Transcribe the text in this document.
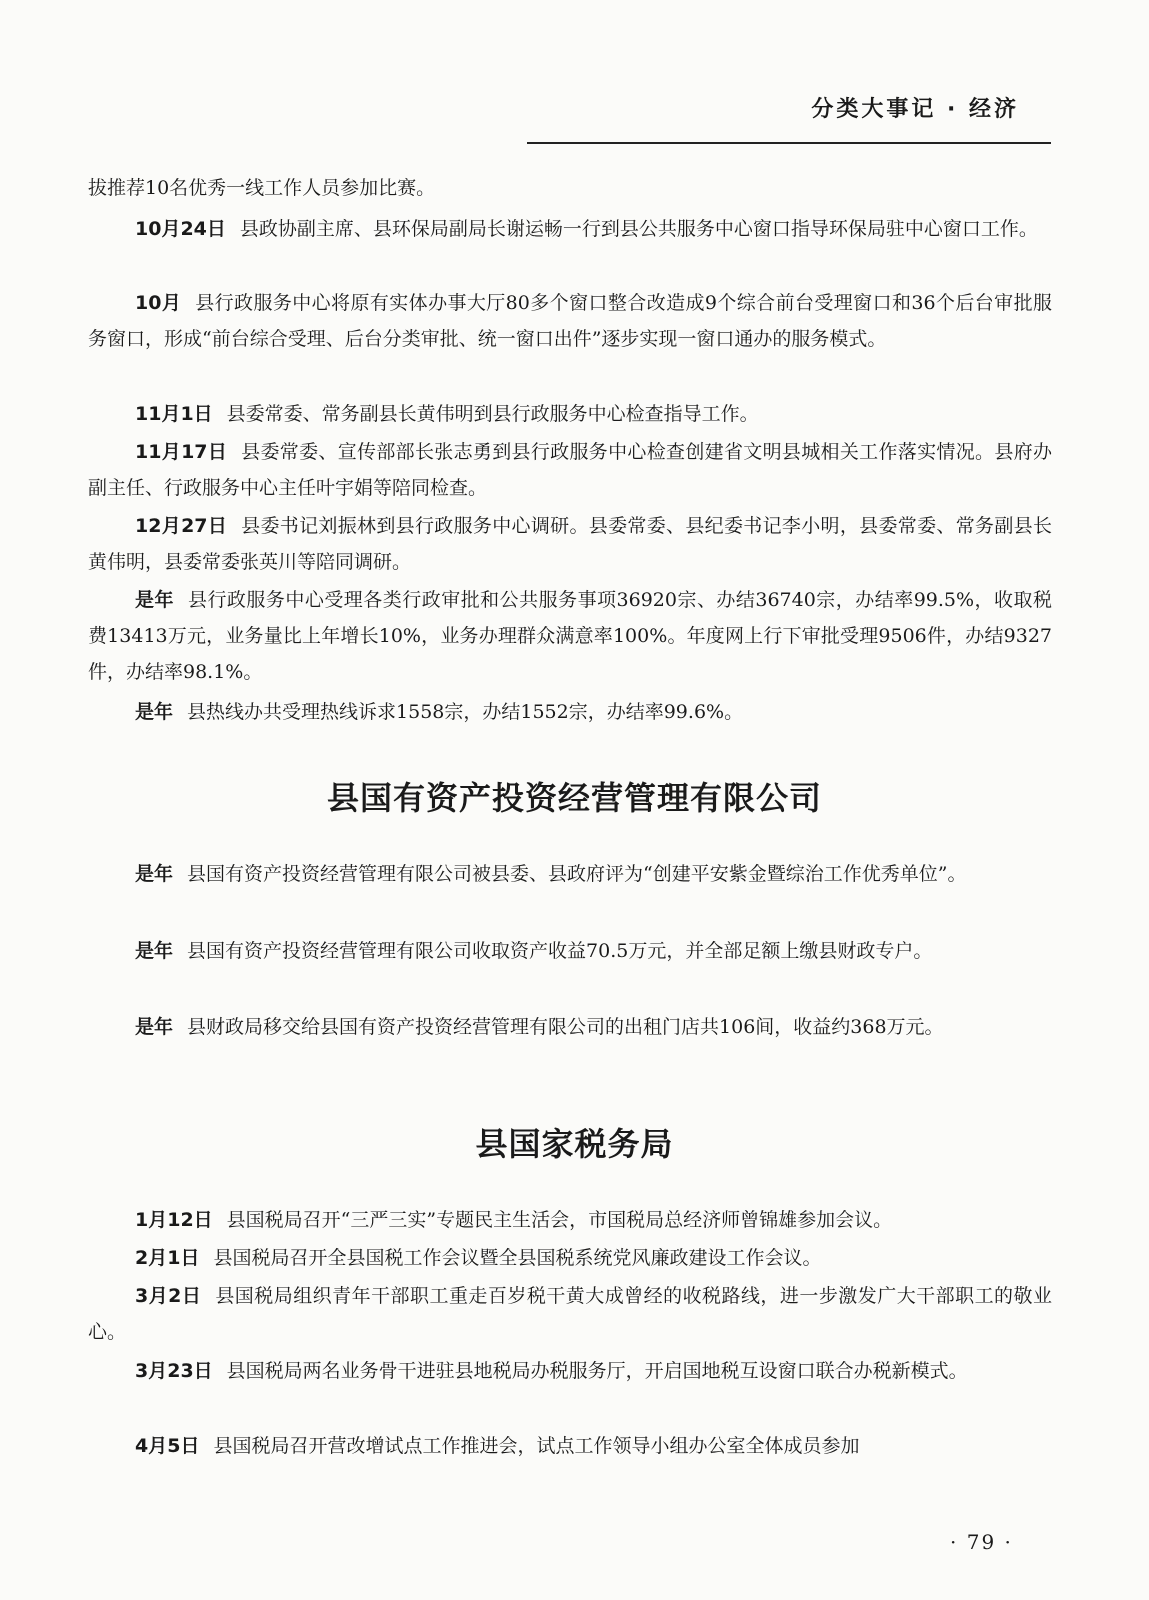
分类大事记 · 经济

拔推荐10名优秀一线工作人员参加比赛。

10月24日 县政协副主席、县环保局副局长谢运畅一行到县公共服务中心窗口指导环保局驻中心窗口工作。

10月 县行政服务中心将原有实体办事大厅80多个窗口整合改造成9个综合前台受理窗口和36个后台审批服务窗口，形成“前台综合受理、后台分类审批、统一窗口出件”逐步实现一窗口通办的服务模式。

11月1日 县委常委、常务副县长黄伟明到县行政服务中心检查指导工作。

11月17日 县委常委、宣传部部长张志勇到县行政服务中心检查创建省文明县城相关工作落实情况。县府办副主任、行政服务中心主任叶宇娟等陪同检查。

12月27日 县委书记刘振林到县行政服务中心调研。县委常委、县纪委书记李小明，县委常委、常务副县长黄伟明，县委常委张英川等陪同调研。

是年 县行政服务中心受理各类行政审批和公共服务事项36920宗、办结36740宗，办结率99.5%，收取税费13413万元，业务量比上年增长10%，业务办理群众满意率100%。年度网上行下审批受理9506件，办结9327件，办结率98.1%。

是年 县热线办共受理热线诉求1558宗，办结1552宗，办结率99.6%。

县国有资产投资经营管理有限公司

是年 县国有资产投资经营管理有限公司被县委、县政府评为“创建平安紫金暨综治工作优秀单位”。

是年 县国有资产投资经营管理有限公司收取资产收益70.5万元，并全部足额上缴县财政专户。

是年 县财政局移交给县国有资产投资经营管理有限公司的出租门店共106间，收益约368万元。

县国家税务局

1月12日 县国税局召开“三严三实”专题民主生活会，市国税局总经济师曾锦雄参加会议。

2月1日 县国税局召开全县国税工作会议暨全县国税系统党风廉政建设工作会议。

3月2日 县国税局组织青年干部职工重走百岁税干黄大成曾经的收税路线，进一步激发广大干部职工的敬业心。

3月23日 县国税局两名业务骨干进驻县地税局办税服务厅，开启国地税互设窗口联合办税新模式。

4月5日 县国税局召开营改增试点工作推进会，试点工作领导小组办公室全体成员参加

· 79 ·
